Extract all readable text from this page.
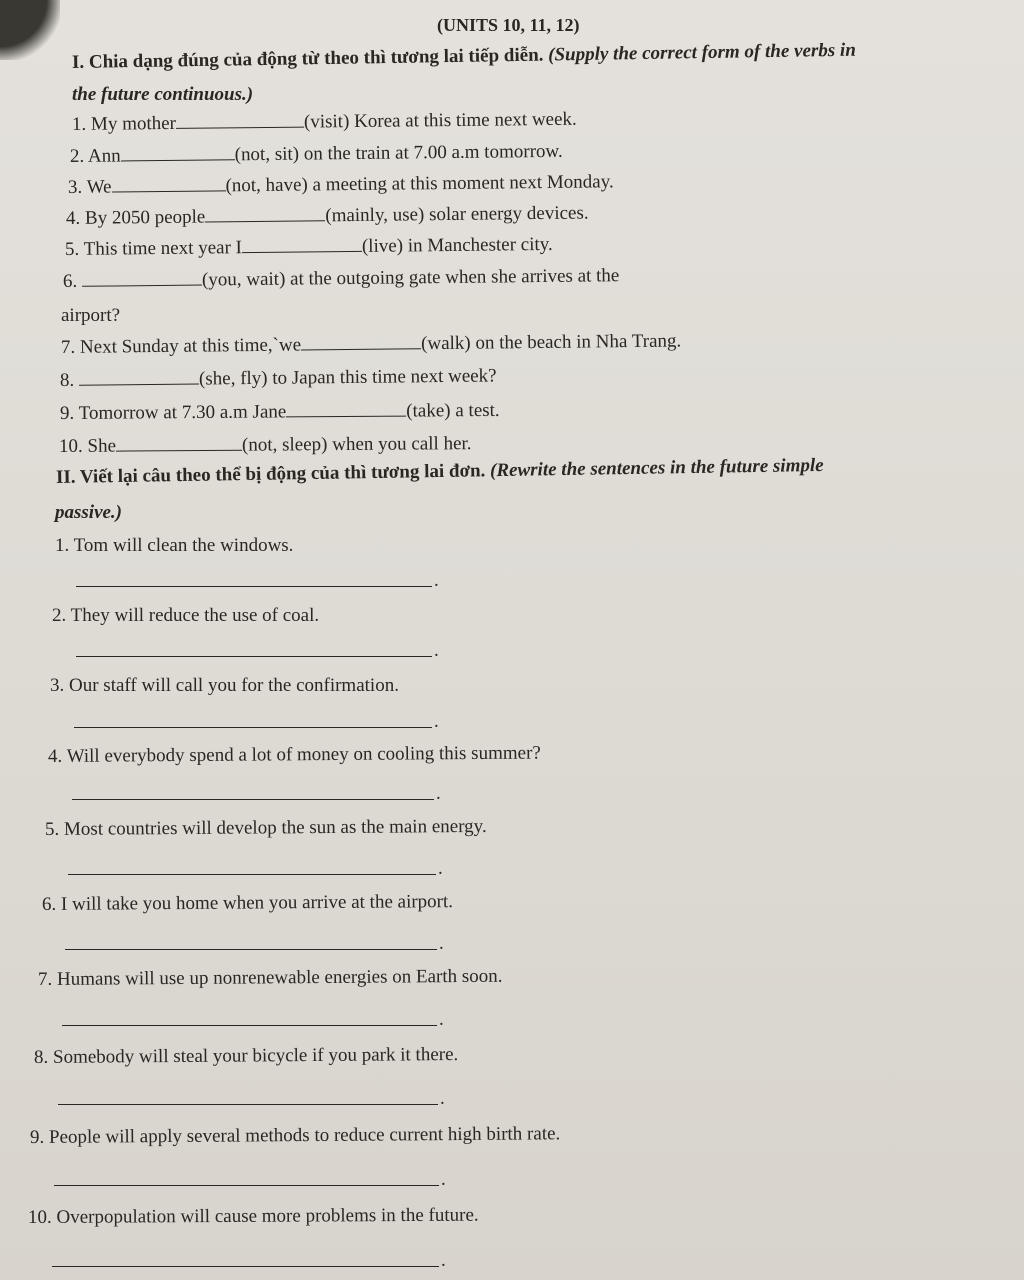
(UNITS 10, 11, 12)
I. Chia dạng đúng của động từ theo thì tương lai tiếp diễn. (Supply the correct form of the verbs in
the future continuous.)
1. My mother	(visit) Korea at this time next week.
2. Ann	(not, sit) on the train at 7.00 a.m tomorrow.
3. We	(not, have) a meeting at this moment next Monday.
4. By 2050 people	(mainly, use) solar energy devices.
5. This time next year I	(live) in Manchester city.
6.	(you, wait) at the outgoing gate when she arrives at the
airport?
7. Next Sunday at this time,`we	(walk) on the beach in Nha Trang.
8.	(she, fly) to Japan this time next week?
9. Tomorrow at 7.30 a.m Jane	(take) a test.
10. She	(not, sleep) when you call her.
II. Viết lại câu theo thể bị động của thì tương lai đơn. (Rewrite the sentences in the future simple
passive.)
1. Tom will clean the windows.
.
2. They will reduce the use of coal.
.
3. Our staff will call you for the confirmation.
.
4. Will everybody spend a lot of money on cooling this summer?
.
5. Most countries will develop the sun as the main energy.
.
6. I will take you home when you arrive at the airport.
.
7. Humans will use up nonrenewable energies on Earth soon.
.
8. Somebody will steal your bicycle if you park it there.
.
9. People will apply several methods to reduce current high birth rate.
.
10. Overpopulation will cause more problems in the future.
.
